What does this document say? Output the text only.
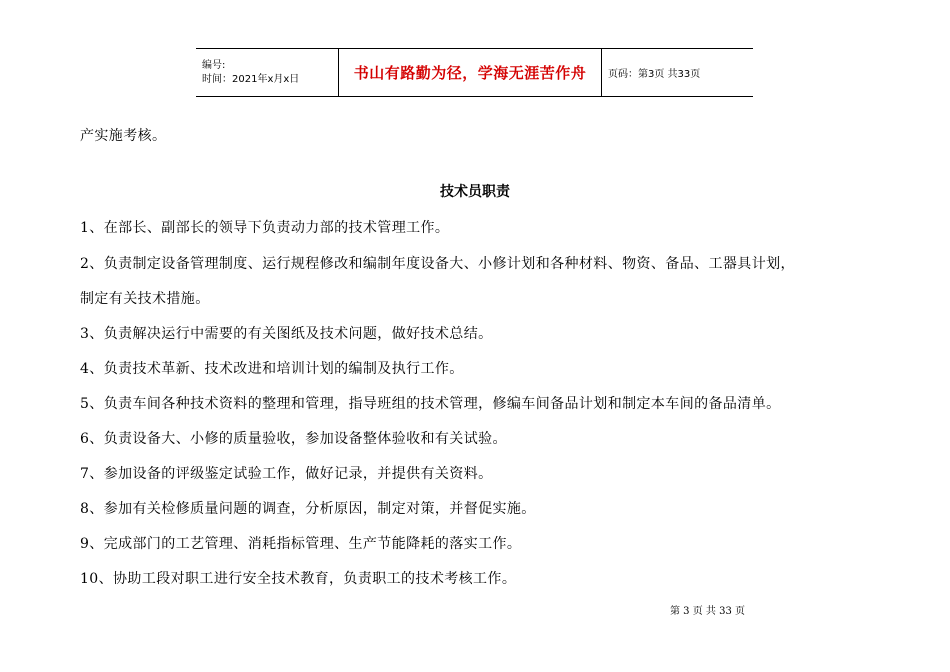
编号:
时间：2021年x月x日	书山有路勤为径，学海无涯苦作舟	页码：第3页 共33页
产实施考核。
技术员职责
1、在部长、副部长的领导下负责动力部的技术管理工作。
2、负责制定设备管理制度、运行规程修改和编制年度设备大、小修计划和各种材料、物资、备品、工器具计划，
制定有关技术措施。
3、负责解决运行中需要的有关图纸及技术问题，做好技术总结。
4、负责技术革新、技术改进和培训计划的编制及执行工作。
5、负责车间各种技术资料的整理和管理，指导班组的技术管理，修编车间备品计划和制定本车间的备品清单。
6、负责设备大、小修的质量验收，参加设备整体验收和有关试验。
7、参加设备的评级鉴定试验工作，做好记录，并提供有关资料。
8、参加有关检修质量问题的调查，分析原因，制定对策，并督促实施。
9、完成部门的工艺管理、消耗指标管理、生产节能降耗的落实工作。
10、协助工段对职工进行安全技术教育，负责职工的技术考核工作。
第 3 页 共 33 页
